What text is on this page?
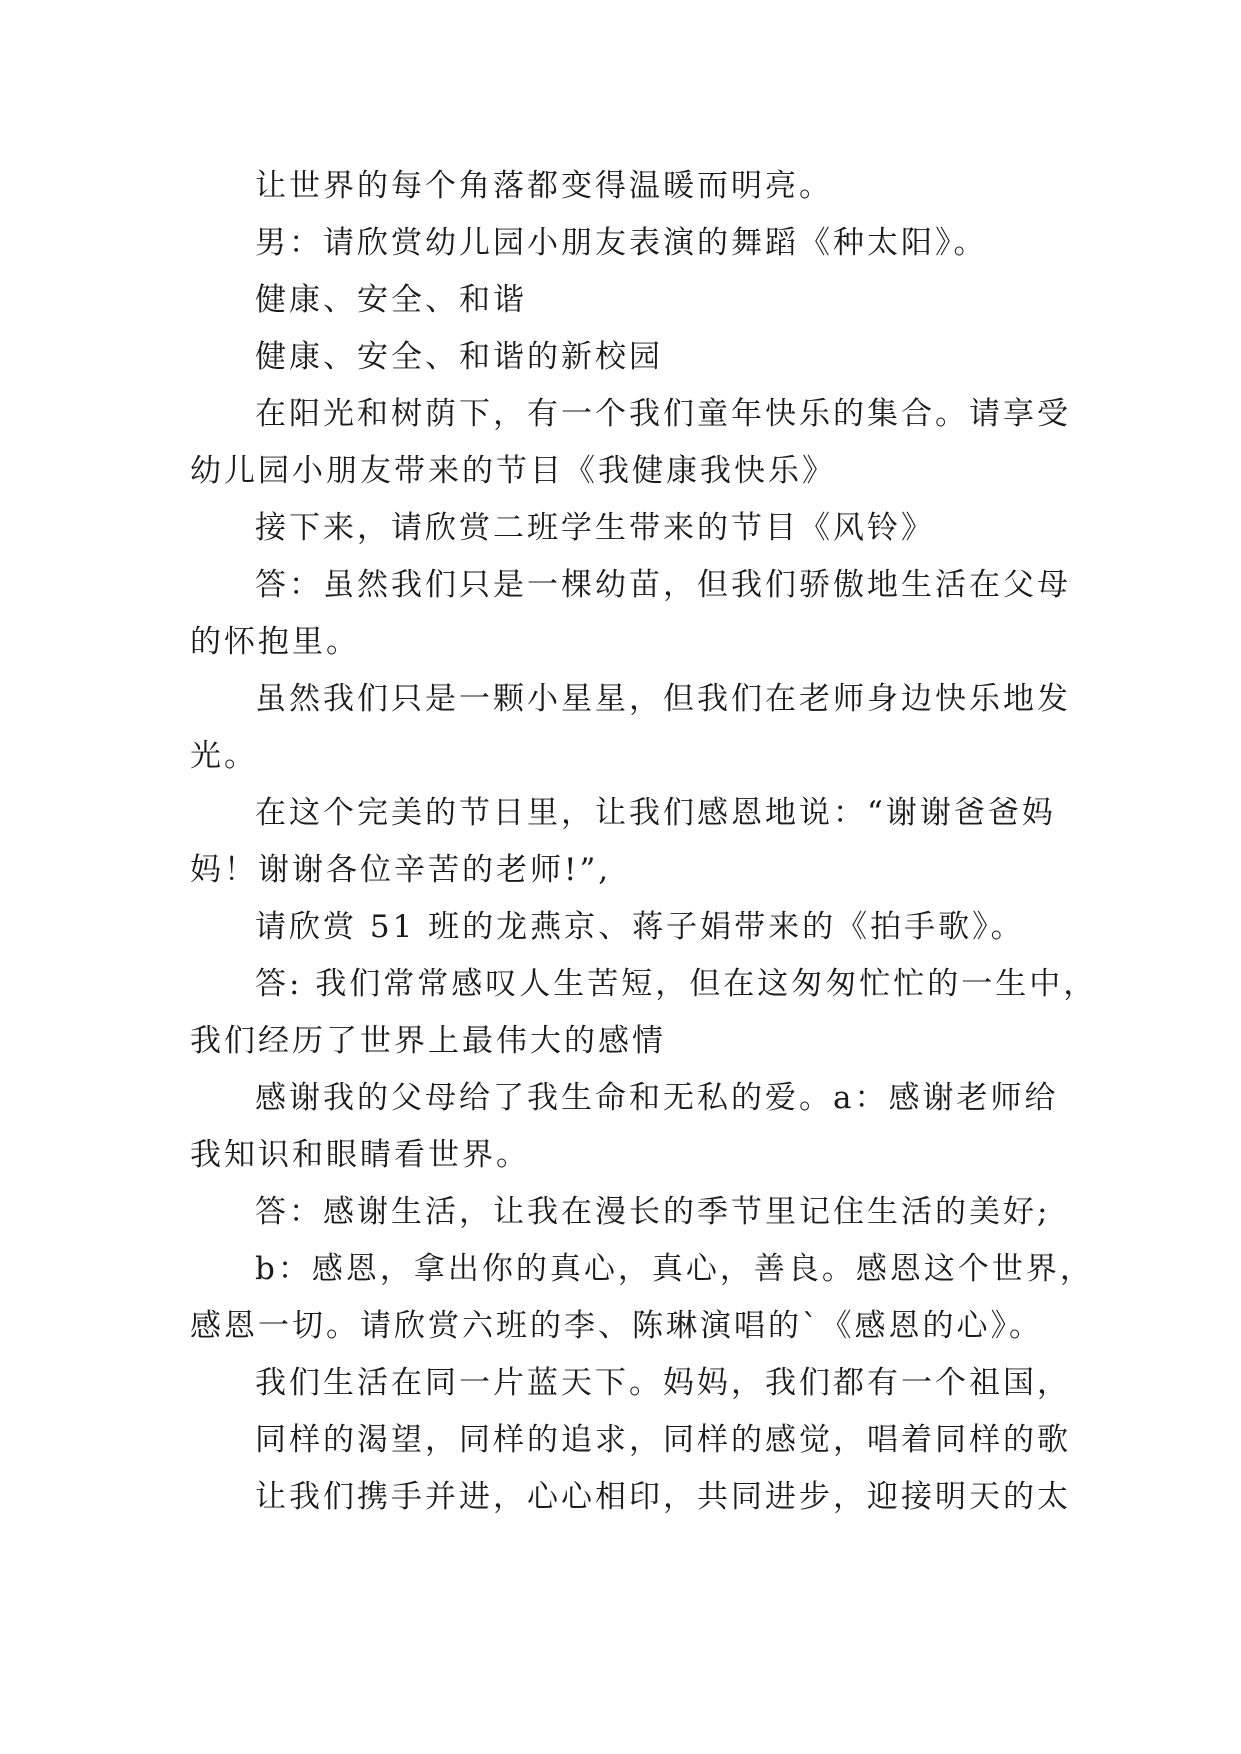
让世界的每个角落都变得温暖而明亮。
男：请欣赏幼儿园小朋友表演的舞蹈《种太阳》。
健康、安全、和谐
健康、安全、和谐的新校园
在阳光和树荫下，有一个我们童年快乐的集合。请享受
幼儿园小朋友带来的节目《我健康我快乐》
接下来，请欣赏二班学生带来的节目《风铃》
答：虽然我们只是一棵幼苗，但我们骄傲地生活在父母
的怀抱里。
虽然我们只是一颗小星星，但我们在老师身边快乐地发
光。
在这个完美的节日里，让我们感恩地说：“谢谢爸爸妈
妈！谢谢各位辛苦的老师!”,
请欣赏 51 班的龙燕京、蒋子娟带来的《拍手歌》。
答: 我们常常感叹人生苦短，但在这匆匆忙忙的一生中，
我们经历了世界上最伟大的感情
感谢我的父母给了我生命和无私的爱。a：感谢老师给
我知识和眼睛看世界。
答：感谢生活，让我在漫长的季节里记住生活的美好;
b：感恩，拿出你的真心，真心，善良。感恩这个世界，
感恩一切。请欣赏六班的李、陈琳演唱的`《感恩的心》。
我们生活在同一片蓝天下。妈妈，我们都有一个祖国，
同样的渴望，同样的追求，同样的感觉，唱着同样的歌
让我们携手并进，心心相印，共同进步，迎接明天的太
